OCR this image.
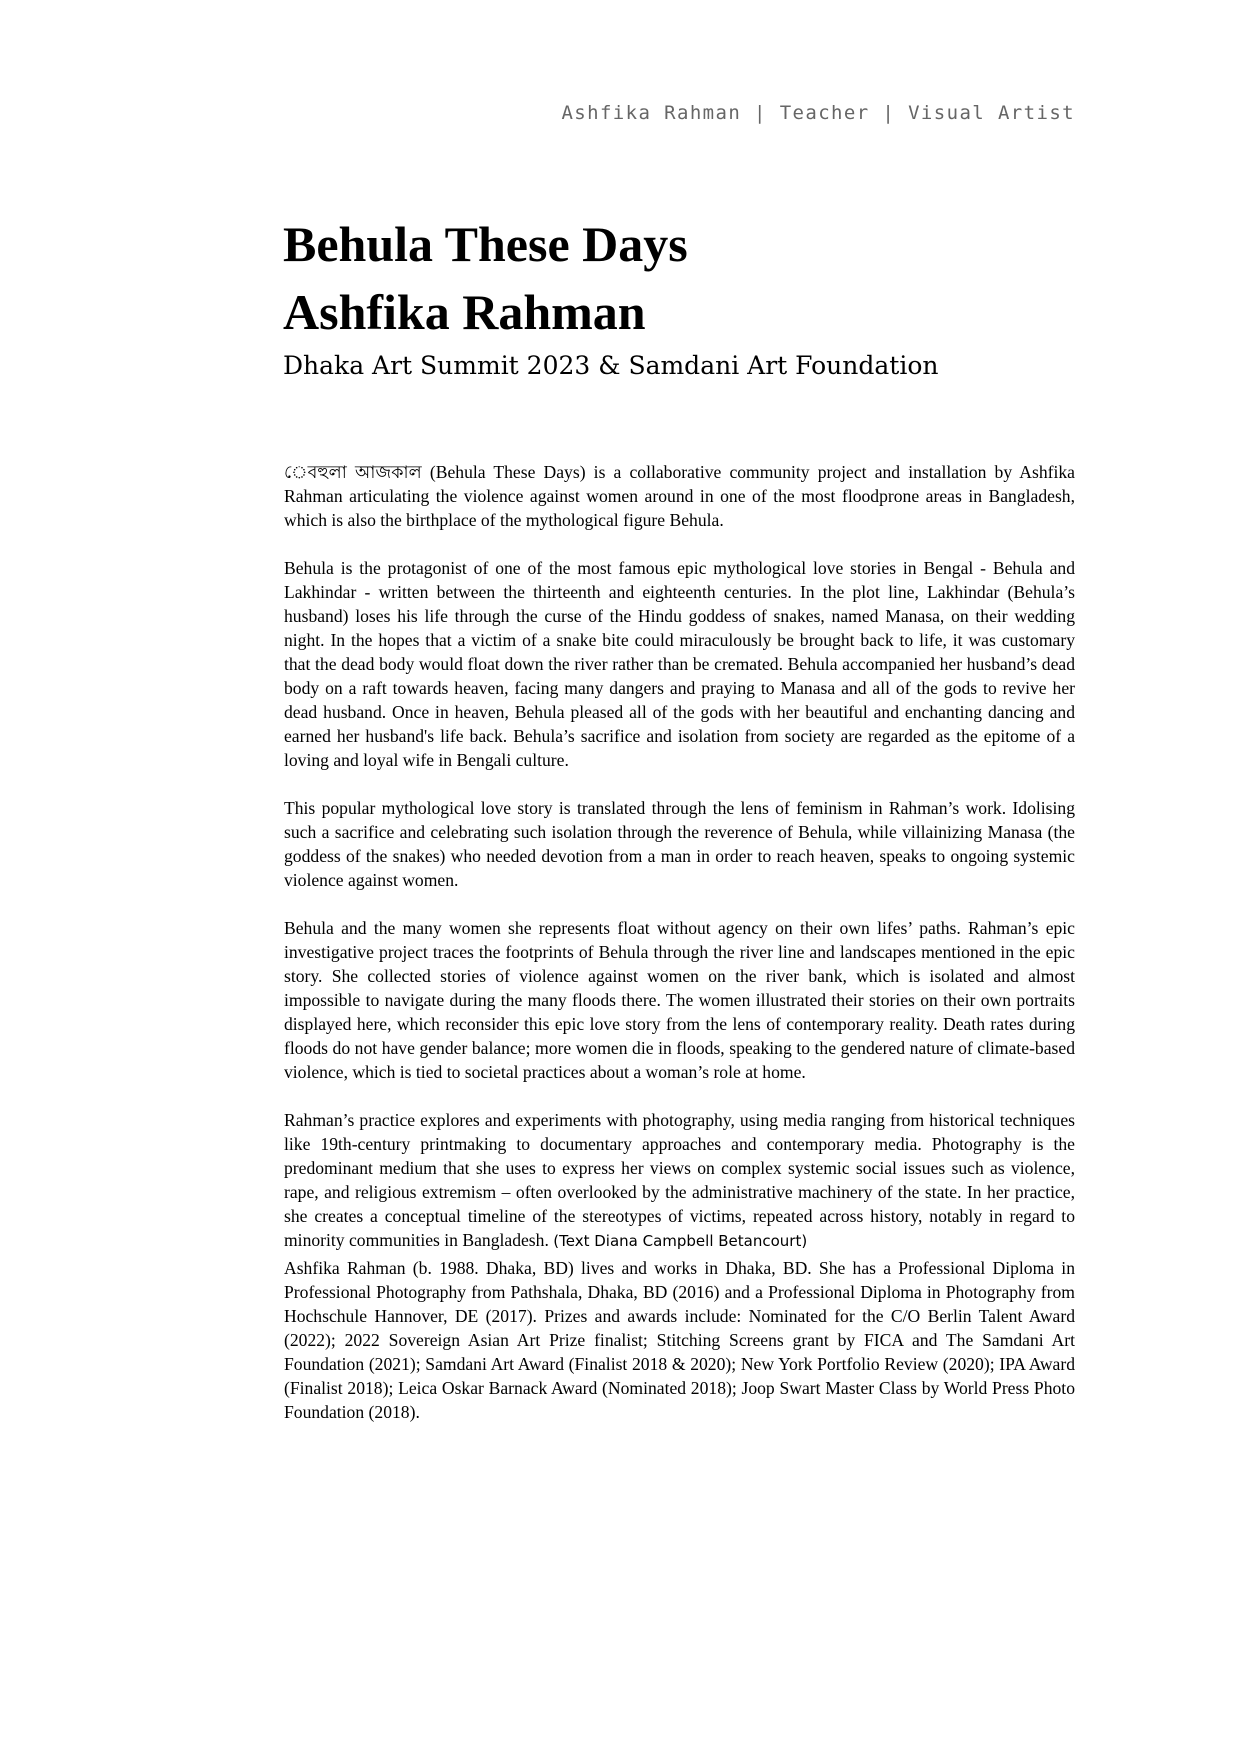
Ashfika Rahman | Teacher | Visual Artist
Behula These Days
Ashfika Rahman
Dhaka Art Summit 2023 & Samdani Art Foundation

েবহুলা আজকাল (Behula These Days) is a collaborative community project and installation by Ashfika Rahman articulating the violence against women around in one of the most floodprone areas in Bangladesh, which is also the birthplace of the mythological figure Behula.

Behula is the protagonist of one of the most famous epic mythological love stories in Bengal - Behula and Lakhindar - written between the thirteenth and eighteenth centuries. In the plot line, Lakhindar (Behula’s husband) loses his life through the curse of the Hindu goddess of snakes, named Manasa, on their wedding night. In the hopes that a victim of a snake bite could miraculously be brought back to life, it was customary that the dead body would float down the river rather than be cremated. Behula accompanied her husband’s dead body on a raft towards heaven, facing many dangers and praying to Manasa and all of the gods to revive her dead husband. Once in heaven, Behula pleased all of the gods with her beautiful and enchanting dancing and earned her husband's life back. Behula’s sacrifice and isolation from society are regarded as the epitome of a loving and loyal wife in Bengali culture.

This popular mythological love story is translated through the lens of feminism in Rahman’s work. Idolising such a sacrifice and celebrating such isolation through the reverence of Behula, while villainizing Manasa (the goddess of the snakes) who needed devotion from a man in order to reach heaven, speaks to ongoing systemic violence against women.

Behula and the many women she represents float without agency on their own lifes’ paths. Rahman’s epic investigative project traces the footprints of Behula through the river line and landscapes mentioned in the epic story. She collected stories of violence against women on the river bank, which is isolated and almost impossible to navigate during the many floods there. The women illustrated their stories on their own portraits displayed here, which reconsider this epic love story from the lens of contemporary reality. Death rates during floods do not have gender balance; more women die in floods, speaking to the gendered nature of climate-based violence, which is tied to societal practices about a woman’s role at home.

Rahman’s practice explores and experiments with photography, using media ranging from historical techniques like 19th-century printmaking to documentary approaches and contemporary media. Photography is the predominant medium that she uses to express her views on complex systemic social issues such as violence, rape, and religious extremism – often overlooked by the administrative machinery of the state. In her practice, she creates a conceptual timeline of the stereotypes of victims, repeated across history, notably in regard to minority communities in Bangladesh. (Text Diana Campbell Betancourt)

Ashfika Rahman (b. 1988. Dhaka, BD) lives and works in Dhaka, BD. She has a Professional Diploma in Professional Photography from Pathshala, Dhaka, BD (2016) and a Professional Diploma in Photography from Hochschule Hannover, DE (2017). Prizes and awards include: Nominated for the C/O Berlin Talent Award (2022); 2022 Sovereign Asian Art Prize finalist; Stitching Screens grant by FICA and The Samdani Art Foundation (2021); Samdani Art Award (Finalist 2018 & 2020); New York Portfolio Review (2020); IPA Award (Finalist 2018); Leica Oskar Barnack Award (Nominated 2018); Joop Swart Master Class by World Press Photo Foundation (2018).
